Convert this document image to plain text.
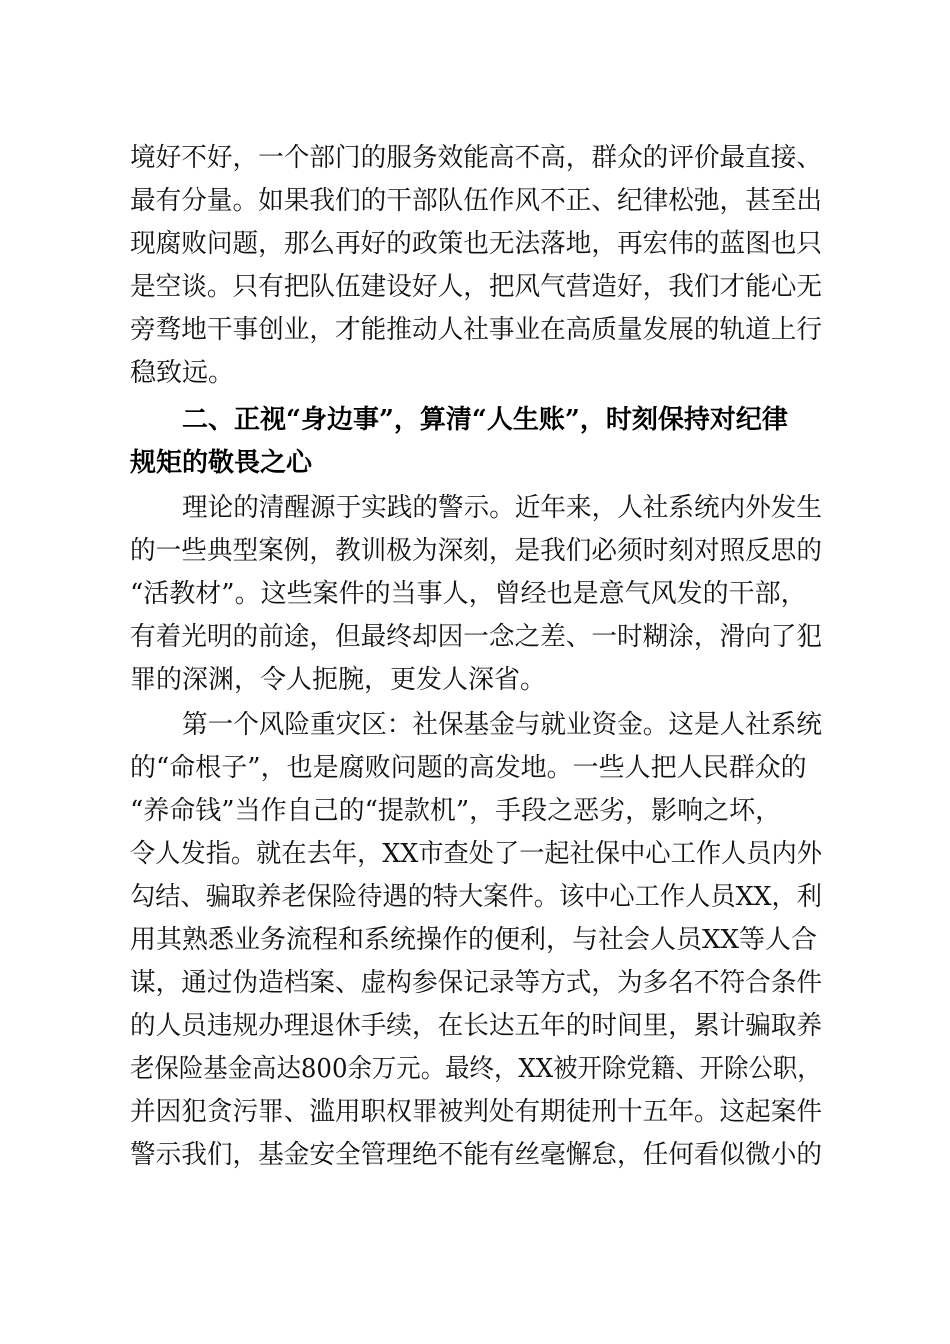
境好不好，一个部门的服务效能高不高，群众的评价最直接、
最有分量。如果我们的干部队伍作风不正、纪律松弛，甚至出
现腐败问题，那么再好的政策也无法落地，再宏伟的蓝图也只
是空谈。只有把队伍建设好人，把风气营造好，我们才能心无
旁骛地干事创业，才能推动人社事业在高质量发展的轨道上行
稳致远。
二、正视“身边事”，算清“人生账”，时刻保持对纪律
规矩的敬畏之心
理论的清醒源于实践的警示。近年来，人社系统内外发生
的一些典型案例，教训极为深刻，是我们必须时刻对照反思的
“活教材”。这些案件的当事人，曾经也是意气风发的干部，
有着光明的前途，但最终却因一念之差、一时糊涂，滑向了犯
罪的深渊，令人扼腕，更发人深省。
第一个风险重灾区：社保基金与就业资金。这是人社系统
的“命根子”，也是腐败问题的高发地。一些人把人民群众的
“养命钱”当作自己的“提款机”，手段之恶劣，影响之坏，
令人发指。就在去年，XX市查处了一起社保中心工作人员内外
勾结、骗取养老保险待遇的特大案件。该中心工作人员XX，利
用其熟悉业务流程和系统操作的便利，与社会人员XX等人合
谋，通过伪造档案、虚构参保记录等方式，为多名不符合条件
的人员违规办理退休手续，在长达五年的时间里，累计骗取养
老保险基金高达800余万元。最终，XX被开除党籍、开除公职，
并因犯贪污罪、滥用职权罪被判处有期徒刑十五年。这起案件
警示我们，基金安全管理绝不能有丝毫懈怠，任何看似微小的
